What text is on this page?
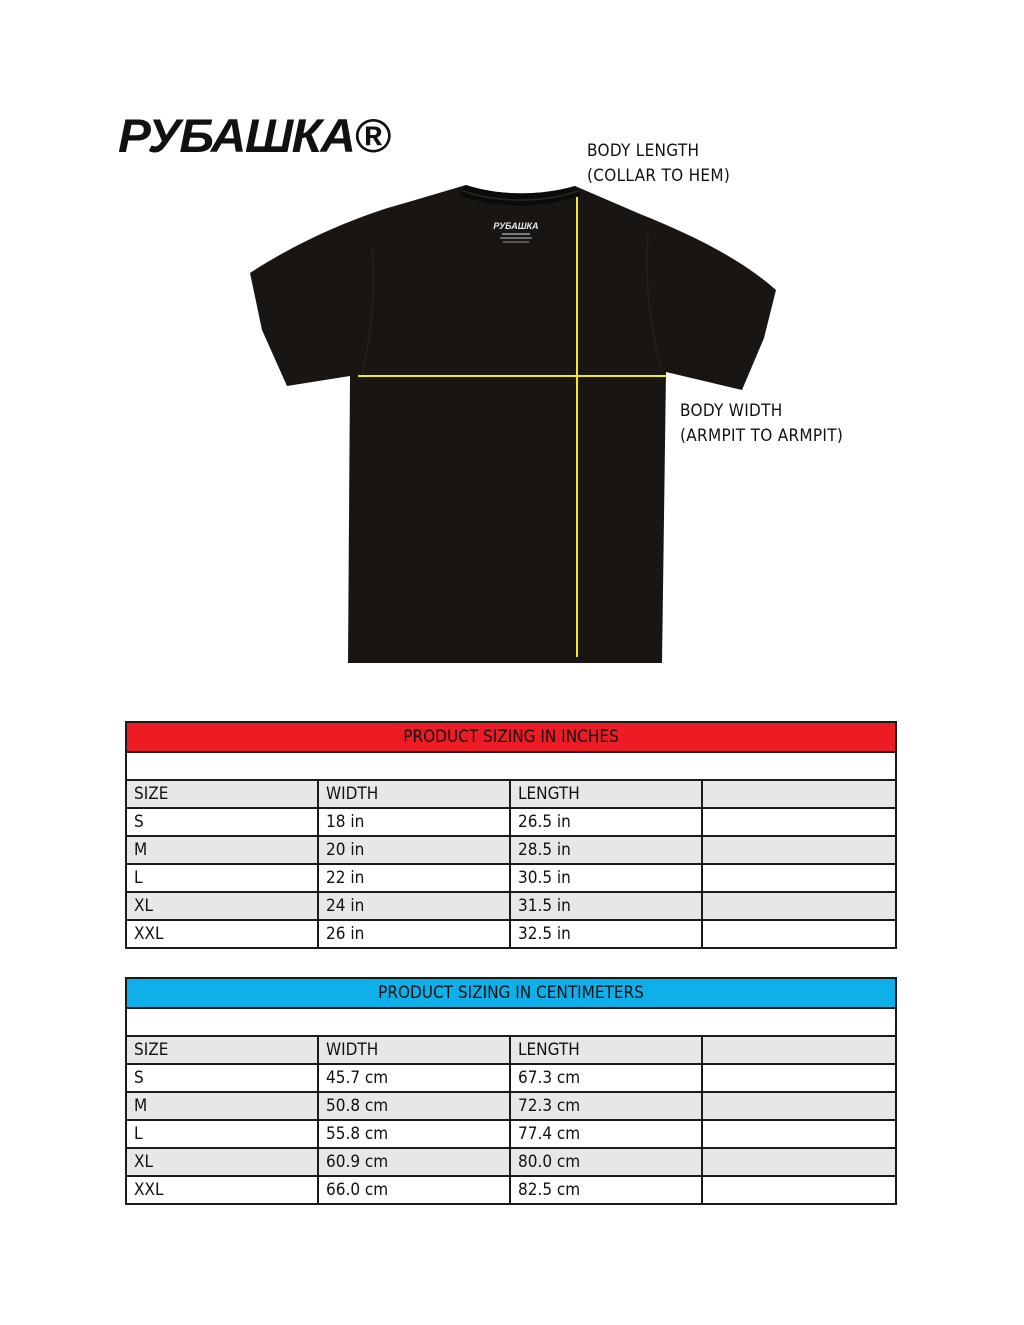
РУБАШКА®
РУБАШКА
BODY LENGTH
(COLLAR TO HEM)
BODY WIDTH
(ARMPIT TO ARMPIT)
PRODUCT SIZING IN INCHES
SIZE	WIDTH	LENGTH
S	18 in	26.5 in
M	20 in	28.5 in
L	22 in	30.5 in
XL	24 in	31.5 in
XXL	26 in	32.5 in
PRODUCT SIZING IN CENTIMETERS
SIZE	WIDTH	LENGTH
S	45.7 cm	67.3 cm
M	50.8 cm	72.3 cm
L	55.8 cm	77.4 cm
XL	60.9 cm	80.0 cm
XXL	66.0 cm	82.5 cm
